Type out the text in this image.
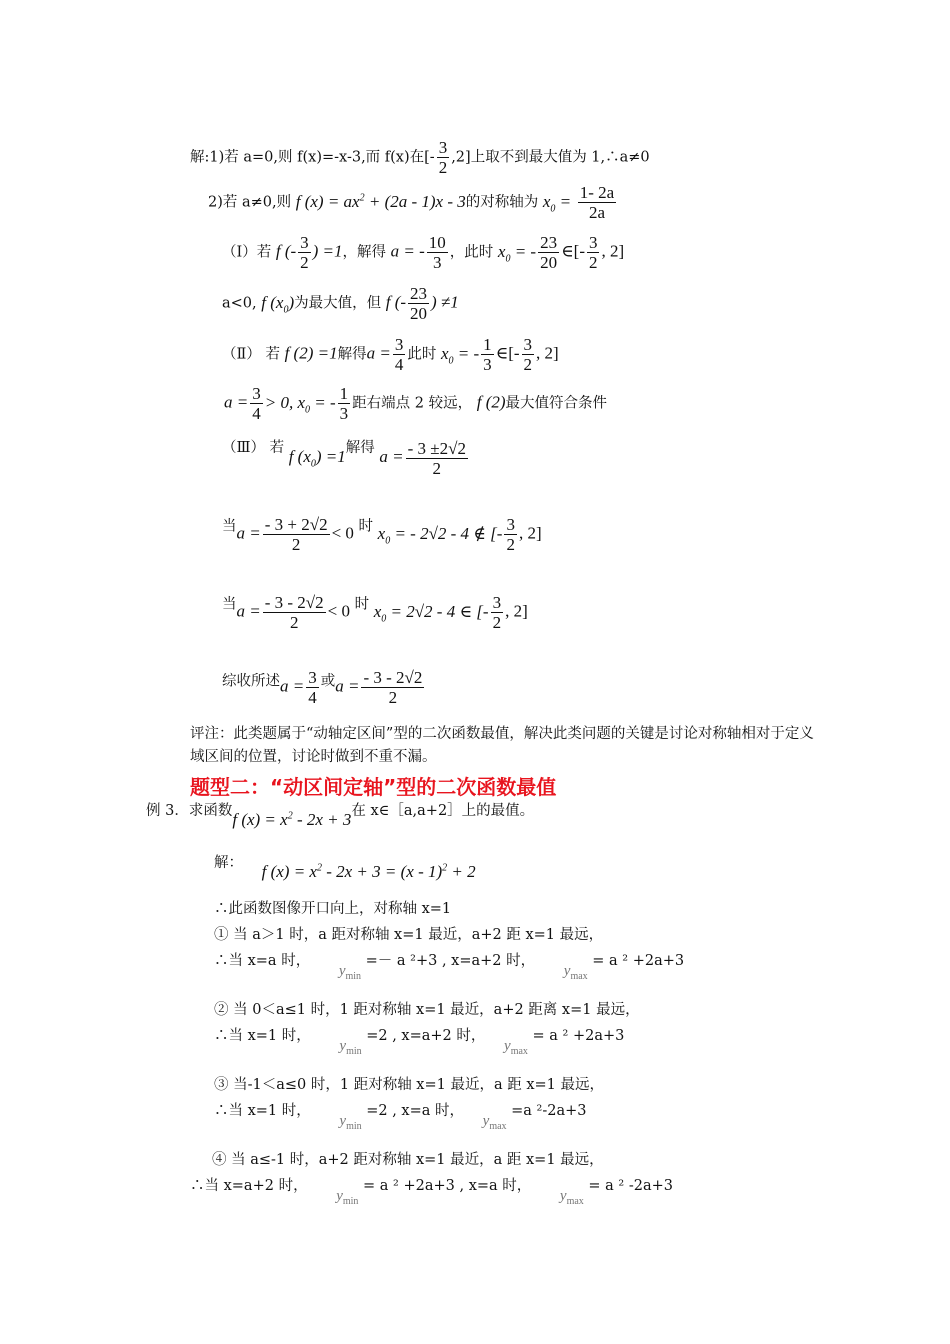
解:1)若 a=0,则 f(x)=-x-3,而 f(x)在[- $\frac{3}{2} ,2$]上取不到最大值为 1,∴a≠0
2)若 a≠0,则 f $(x) = ax^2 + (2a - 1)x - 3$的对称轴为 $x_0 = \frac{1- 2a}{2a}$
（Ⅰ）若 f (- $\frac{3}{2}$ ) =1，解得 a = - $\frac{10}{3}$ ，此时 $x_0$ = - $\frac{23}{20}$ ∈[- $\frac{3}{2}$ , 2]
a<0, f $(x_0)$为最大值，但 f (- $\frac{23}{20}$ ) ≠1
（Ⅱ） 若 f (2) =1解得$a = \frac{3}{4}$ 此时 $x_0$ = - $\frac{1}{3}$ ∈[- $\frac{3}{2}$ , 2]
$a = \frac{3}{4} > 0$, $x_0$ = - $\frac{1}{3}$ 距右端点 2 较远， f (2)最大值符合条件
（Ⅲ） 若 f $(x_0) =1$解得 $a = \frac{- 3 \pm 2√2}{2}$
当$a = \frac{- 3 + 2√2}{2} < 0$ 时 $x_0$ = - 2√2 - 4 ∉ [- $\frac{3}{2}$ , 2]
当$a = \frac{- 3 - 2√2}{2} < 0$ 时 $x_0 = 2√2 - 4$ ∈ [- $\frac{3}{2}$ , 2]
综收所述$a = \frac{3}{4}$ 或$a = \frac{- 3 - 2√2}{2}$
评注：此类题属于“动轴定区间”型的二次函数最值，解决此类问题的关键是讨论对称轴相对于定义域区间的位置，讨论时做到不重不漏。
题型二：“动区间定轴”型的二次函数最值
例 3．求函数f $(x) = x^2 - 2x + 3$在 x∈［a,a+2］上的最值。
解： f $(x) = x^2 - 2x + 3 = (x - 1)^2 + 2$
∴此函数图像开口向上，对称轴 x=1
① 当 a＞1 时，a 距对称轴 x=1 最近，a+2 距 x=1 最远，
∴当 x=a 时， $y_{min} =- a$ ²+3 , x=a+2 时， $y_{max} = a$ ² +2a+3
② 当 0＜a≤1 时，1 距对称轴 x=1 最近，a+2 距离 x=1 最远，
∴当 x=1 时， $y_{min} =2$ , x=a+2 时， $y_{max} = a$ ² +2a+3
③ 当-1＜a≤0 时，1 距对称轴 x=1 最近，a 距 x=1 最远，
∴当 x=1 时， $y_{min} =2$ , x=a 时， $y_{max} =a$ ²-2a+3
④ 当 a≤-1 时，a+2 距对称轴 x=1 最近，a 距 x=1 最远，
∴当 x=a+2 时， $y_{min} = a$ ² +2a+3 , x=a 时， $y_{max} = a$ ² -2a+3
